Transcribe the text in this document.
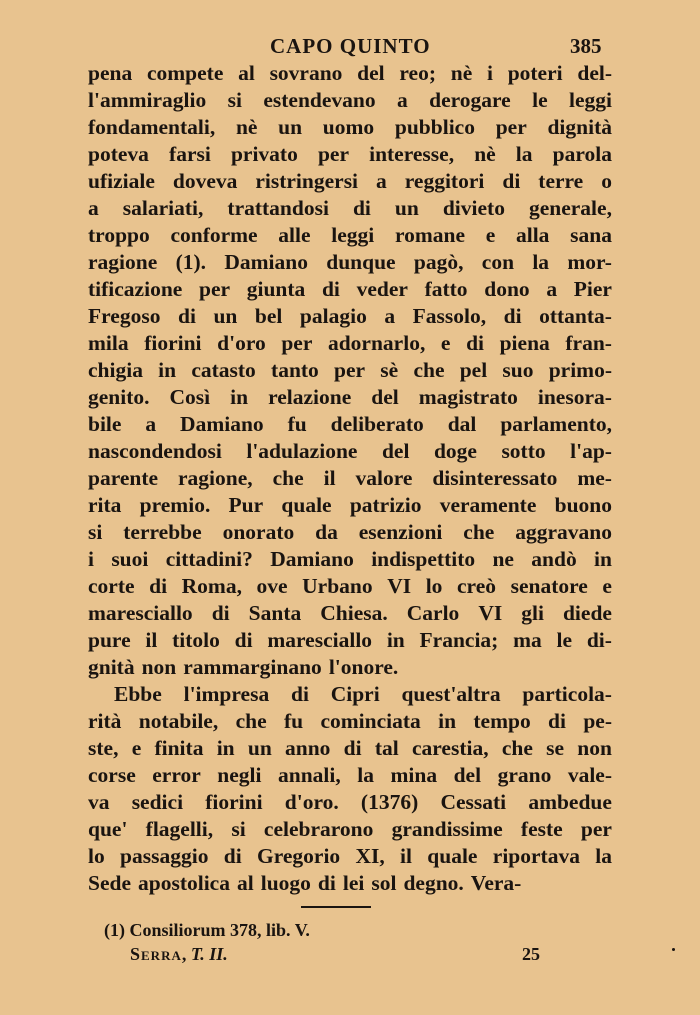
CAPO QUINTO	385
pena compete al sovrano del reo; nè i poteri del-
l'ammiraglio si estendevano a derogare le leggi
fondamentali, nè un uomo pubblico per dignità
poteva farsi privato per interesse, nè la parola
ufiziale doveva ristringersi a reggitori di terre o
a salariati, trattandosi di un divieto generale,
troppo conforme alle leggi romane e alla sana
ragione (1). Damiano dunque pagò, con la mor-
tificazione per giunta di veder fatto dono a Pier
Fregoso di un bel palagio a Fassolo, di ottanta-
mila fiorini d'oro per adornarlo, e di piena fran-
chigia in catasto tanto per sè che pel suo primo-
genito. Così in relazione del magistrato inesora-
bile a Damiano fu deliberato dal parlamento,
nascondendosi l'adulazione del doge sotto l'ap-
parente ragione, che il valore disinteressato me-
rita premio. Pur quale patrizio veramente buono
si terrebbe onorato da esenzioni che aggravano
i suoi cittadini? Damiano indispettito ne andò in
corte di Roma, ove Urbano VI lo creò senatore e
maresciallo di Santa Chiesa. Carlo VI gli diede
pure il titolo di maresciallo in Francia; ma le di-
gnità non rammarginano l'onore.
Ebbe l'impresa di Cipri quest'altra particola-
rità notabile, che fu cominciata in tempo di pe-
ste, e finita in un anno di tal carestia, che se non
corse error negli annali, la mina del grano vale-
va sedici fiorini d'oro. (1376) Cessati ambedue
que' flagelli, si celebrarono grandissime feste per
lo passaggio di Gregorio XI, il quale riportava la
Sede apostolica al luogo di lei sol degno. Vera-
(1) Consiliorum 378, lib. V.
Serra, T. II.	25
